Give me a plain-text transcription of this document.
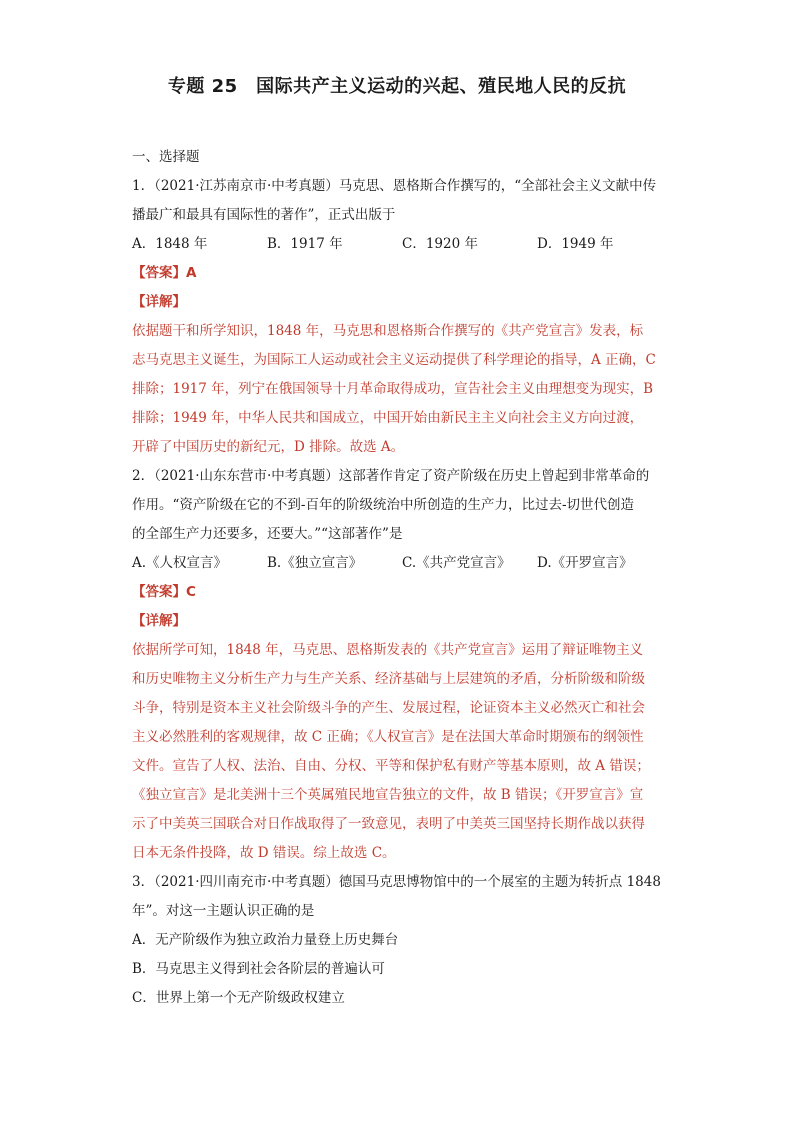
专题 25　国际共产主义运动的兴起、殖民地人民的反抗
一、选择题
1．（2021·江苏南京市·中考真题）马克思、恩格斯合作撰写的，“全部社会主义文献中传
播最广和最具有国际性的著作”，正式出版于
A．1848 年	B．1917 年	C．1920 年	D．1949 年
【答案】A
【详解】
依据题干和所学知识，1848 年，马克思和恩格斯合作撰写的《共产党宣言》发表，标
志马克思主义诞生，为国际工人运动或社会主义运动提供了科学理论的指导，A 正确，C
排除；1917 年，列宁在俄国领导十月革命取得成功，宣告社会主义由理想变为现实，B
排除；1949 年，中华人民共和国成立，中国开始由新民主主义向社会主义方向过渡，
开辟了中国历史的新纪元，D 排除。故选 A。
2．（2021·山东东营市·中考真题）这部著作肯定了资产阶级在历史上曾起到非常革命的
作用。“资产阶级在它的不到-百年的阶级统治中所创造的生产力，比过去-切世代创造
的全部生产力还要多，还要大。”“这部著作”是
A.《人权宣言》	B.《独立宣言》	C.《共产党宣言》	D.《开罗宣言》
【答案】C
【详解】
依据所学可知，1848 年，马克思、恩格斯发表的《共产党宣言》运用了辩证唯物主义
和历史唯物主义分析生产力与生产关系、经济基础与上层建筑的矛盾，分析阶级和阶级
斗争，特别是资本主义社会阶级斗争的产生、发展过程，论证资本主义必然灭亡和社会
主义必然胜利的客观规律，故 C 正确；《人权宣言》是在法国大革命时期颁布的纲领性
文件。宣告了人权、法治、自由、分权、平等和保护私有财产等基本原则，故 A 错误；
《独立宣言》是北美洲十三个英属殖民地宣告独立的文件，故 B 错误；《开罗宣言》宣
示了中美英三国联合对日作战取得了一致意见，表明了中美英三国坚持长期作战以获得
日本无条件投降，故 D 错误。综上故选 C。
3．（2021·四川南充市·中考真题）德国马克思博物馆中的一个展室的主题为转折点 1848
年”。对这一主题认识正确的是
A．无产阶级作为独立政治力量登上历史舞台
B．马克思主义得到社会各阶层的普遍认可
C．世界上第一个无产阶级政权建立
